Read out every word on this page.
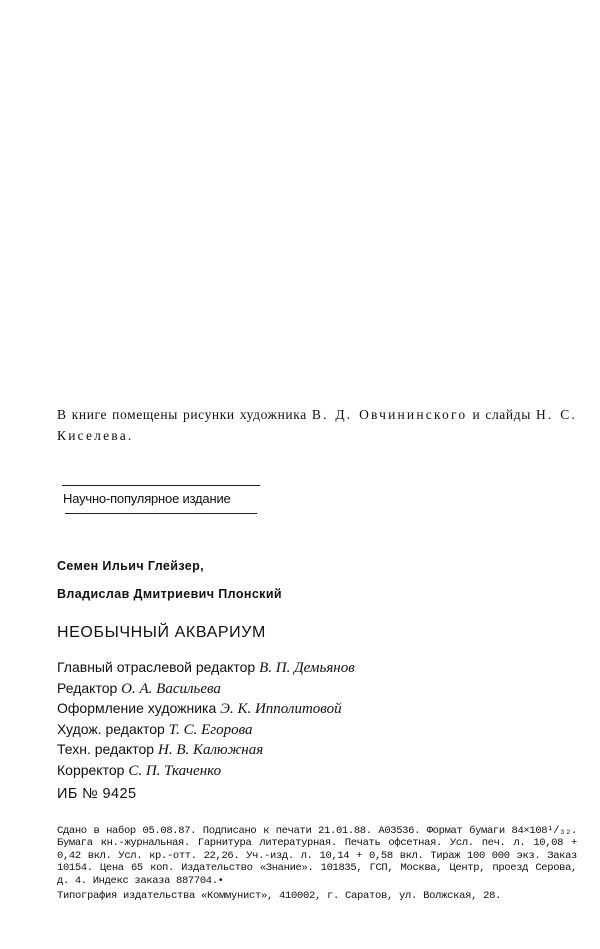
В книге помещены рисунки художника В. Д. Овчининского и слайды Н. С. Киселева.
Научно-популярное издание
Семен Ильич Глейзер,
Владислав Дмитриевич Плонский
НЕОБЫЧНЫЙ АКВАРИУМ
Главный отраслевой редактор В. П. Демьянов
Редактор О. А. Васильева
Оформление художника Э. К. Ипполитовой
Худож. редактор Т. С. Егорова
Техн. редактор Н. В. Калюжная
Корректор С. П. Ткаченко
ИБ № 9425
Сдано в набор 05.08.87. Подписано к печати 21.01.88. А03536. Формат бумаги 84×108¹/₃₂. Бумага кн.-журнальная. Гарнитура литературная. Печать офсетная. Усл. печ. л. 10,08 + 0,42 вкл. Усл. кр.-отт. 22,26. Уч.-изд. л. 10,14 + 0,58 вкл. Тираж 100 000 экз. Заказ 10154. Цена 65 коп. Издательство «Знание». 101835, ГСП, Москва, Центр, проезд Серова, д. 4. Индекс заказа 887704.•
Типография издательства «Коммунист», 410002, г. Саратов, ул. Волжская, 28.
